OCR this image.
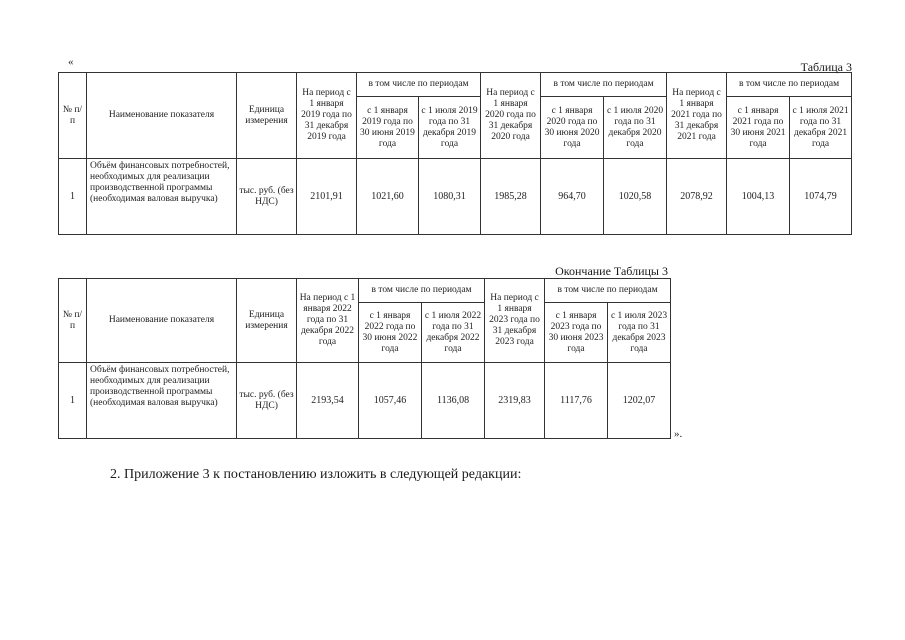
«	Таблица 3
№ п/п	Наименование показателя	Единица измерения	На период с 1 января 2019 года по 31 декабря 2019 года	в том числе по периодам		На период с 1 января 2020 года по 31 декабря 2020 года	в том числе по периодам		На период с 1 января 2021 года по 31 декабря 2021 года	в том числе по периодам	
				с 1 января 2019 года по 30 июня 2019 года	с 1 июля 2019 года по 31 декабря 2019 года		с 1 января 2020 года по 30 июня 2020 года	с 1 июля 2020 года по 31 декабря 2020 года		с 1 января 2021 года по 30 июня 2021 года	с 1 июля 2021 года по 31 декабря 2021 года
1	Объём финансовых потребностей, необходимых для реализации производственной программы (необходимая валовая выручка)	тыс. руб. (без НДС)	2101,91	1021,60	1080,31	1985,28	964,70	1020,58	2078,92	1004,13	1074,79
Окончание Таблицы 3
№ п/п	Наименование показателя	Единица измерения	На период с 1 января 2022 года по 31 декабря 2022 года	в том числе по периодам		На период с 1 января 2023 года по 31 декабря 2023 года	в том числе по периодам	
				с 1 января 2022 года по 30 июня 2022 года	с 1 июля 2022 года по 31 декабря 2022 года		с 1 января 2023 года по 30 июня 2023 года	с 1 июля 2023 года по 31 декабря 2023 года
1	Объём финансовых потребностей, необходимых для реализации производственной программы (необходимая валовая выручка)	тыс. руб. (без НДС)	2193,54	1057,46	1136,08	2319,83	1117,76	1202,07
».
2. Приложение 3 к постановлению изложить в следующей редакции:
